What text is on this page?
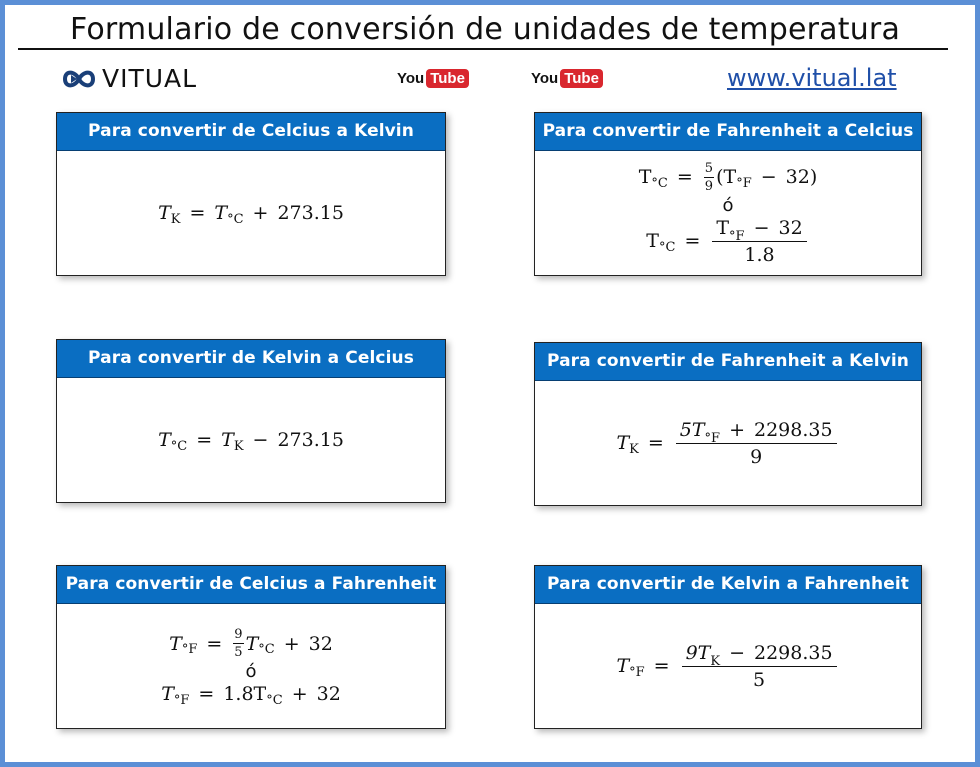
Formulario de conversión de unidades de temperatura
VITUAL	You Tube	You Tube	www.vitual.lat
Para convertir de Celcius a Kelvin
T K = T °C + 273.15
Para convertir de Fahrenheit a Celcius
T $^\circ C = \frac{5}{9}$ ( T °F − 32 )
ó
T $^\circ C = \frac{T_{^\circ F} - 32}{1.8}$
Para convertir de Kelvin a Celcius
T °C = T K − 273.15
Para convertir de Fahrenheit a Kelvin
T $K = \frac{5T_{^\circ F} + 2298.35}{9}$
Para convertir de Celcius a Fahrenheit
T $^\circ F = \frac{9}{5}$ T °C + 32
ó
T °F = 1.8T °C + 32
Para convertir de Kelvin a Fahrenheit
T $^\circ F = \frac{9T_K - 2298.35}{5}$
